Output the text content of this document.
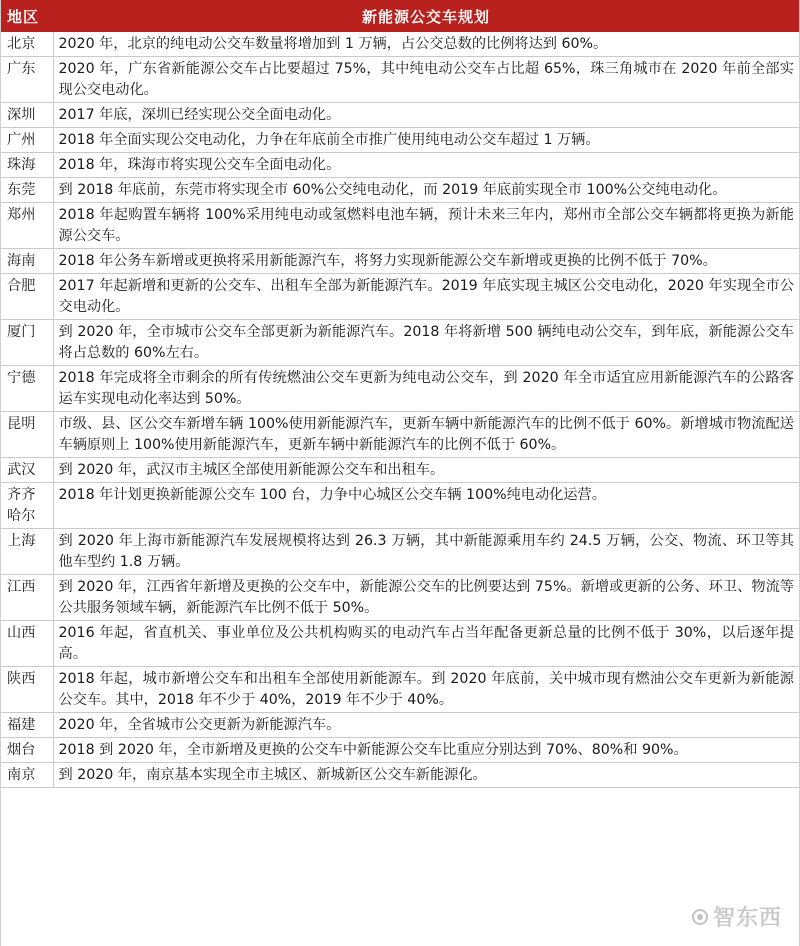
地区	新能源公交车规划
北京	2020 年，北京的纯电动公交车数量将增加到 1 万辆，占公交总数的比例将达到 60%。
广东	2020 年，广东省新能源公交车占比要超过 75%，其中纯电动公交车占比超 65%，珠三角城市在 2020 年前全部实现公交电动化。
深圳	2017 年底，深圳已经实现公交全面电动化。
广州	2018 年全面实现公交电动化，力争在年底前全市推广使用纯电动公交车超过 1 万辆。
珠海	2018 年，珠海市将实现公交车全面电动化。
东莞	到 2018 年底前，东莞市将实现全市 60%公交纯电动化，而 2019 年底前实现全市 100%公交纯电动化。
郑州	2018 年起购置车辆将 100%采用纯电动或氢燃料电池车辆，预计未来三年内，郑州市全部公交车辆都将更换为新能源公交车。
海南	2018 年公务车新增或更换将采用新能源汽车，将努力实现新能源公交车新增或更换的比例不低于 70%。
合肥	2017 年起新增和更新的公交车、出租车全部为新能源汽车。2019 年底实现主城区公交电动化，2020 年实现全市公交电动化。
厦门	到 2020 年，全市城市公交车全部更新为新能源汽车。2018 年将新增 500 辆纯电动公交车，到年底，新能源公交车将占总数的 60%左右。
宁德	2018 年完成将全市剩余的所有传统燃油公交车更新为纯电动公交车，到 2020 年全市适宜应用新能源汽车的公路客运车实现电动化率达到 50%。
昆明	市级、县、区公交车新增车辆 100%使用新能源汽车，更新车辆中新能源汽车的比例不低于 60%。新增城市物流配送车辆原则上 100%使用新能源汽车，更新车辆中新能源汽车的比例不低于 60%。
武汉	到 2020 年，武汉市主城区全部使用新能源公交车和出租车。
齐齐哈尔	2018 年计划更换新能源公交车 100 台，力争中心城区公交车辆 100%纯电动化运营。
上海	到 2020 年上海市新能源汽车发展规模将达到 26.3 万辆，其中新能源乘用车约 24.5 万辆，公交、物流、环卫等其他车型约 1.8 万辆。
江西	到 2020 年，江西省年新增及更换的公交车中，新能源公交车的比例要达到 75%。新增或更新的公务、环卫、物流等公共服务领域车辆，新能源汽车比例不低于 50%。
山西	2016 年起，省直机关、事业单位及公共机构购买的电动汽车占当年配备更新总量的比例不低于 30%，以后逐年提高。
陕西	2018 年起，城市新增公交车和出租车全部使用新能源车。到 2020 年底前，关中城市现有燃油公交车更新为新能源公交车。其中，2018 年不少于 40%，2019 年不少于 40%。
福建	2020 年，全省城市公交更新为新能源汽车。
烟台	2018 到 2020 年，全市新增及更换的公交车中新能源公交车比重应分别达到 70%、80%和 90%。
南京	到 2020 年，南京基本实现全市主城区、新城新区公交车新能源化。
智东西
